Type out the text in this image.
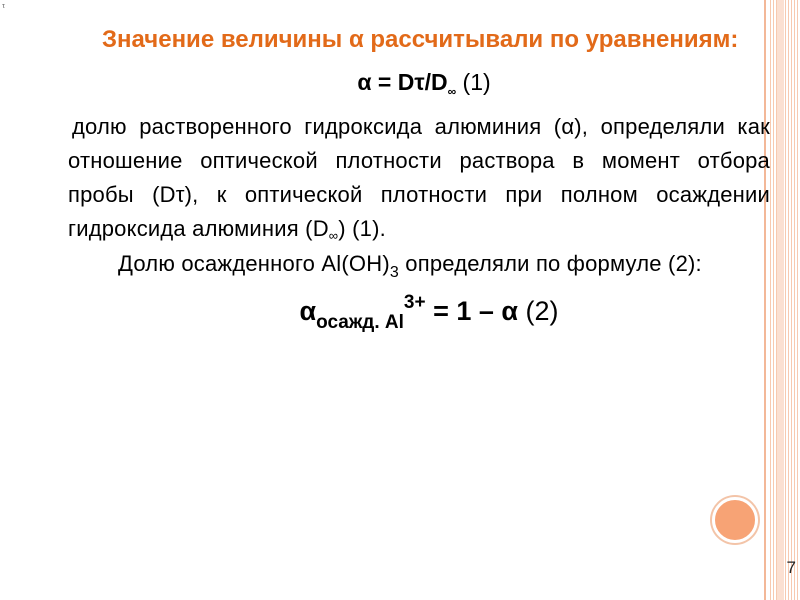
τ

Значение величины α рассчитывали по уравнениям:

$\alpha = D\tau/D_\infty$ (1)

долю растворенного гидроксида алюминия (α), определяли как отношение оптической плотности раствора в момент отбора пробы (Dτ), к оптической плотности при полном осаждении гидроксида алюминия (D∞) (1).

Долю осажденного $Al(OH)_3$ определяли по формуле (2):

$\alpha_{осажд. Al}^{3+} = 1 - \alpha$ (2)
7
